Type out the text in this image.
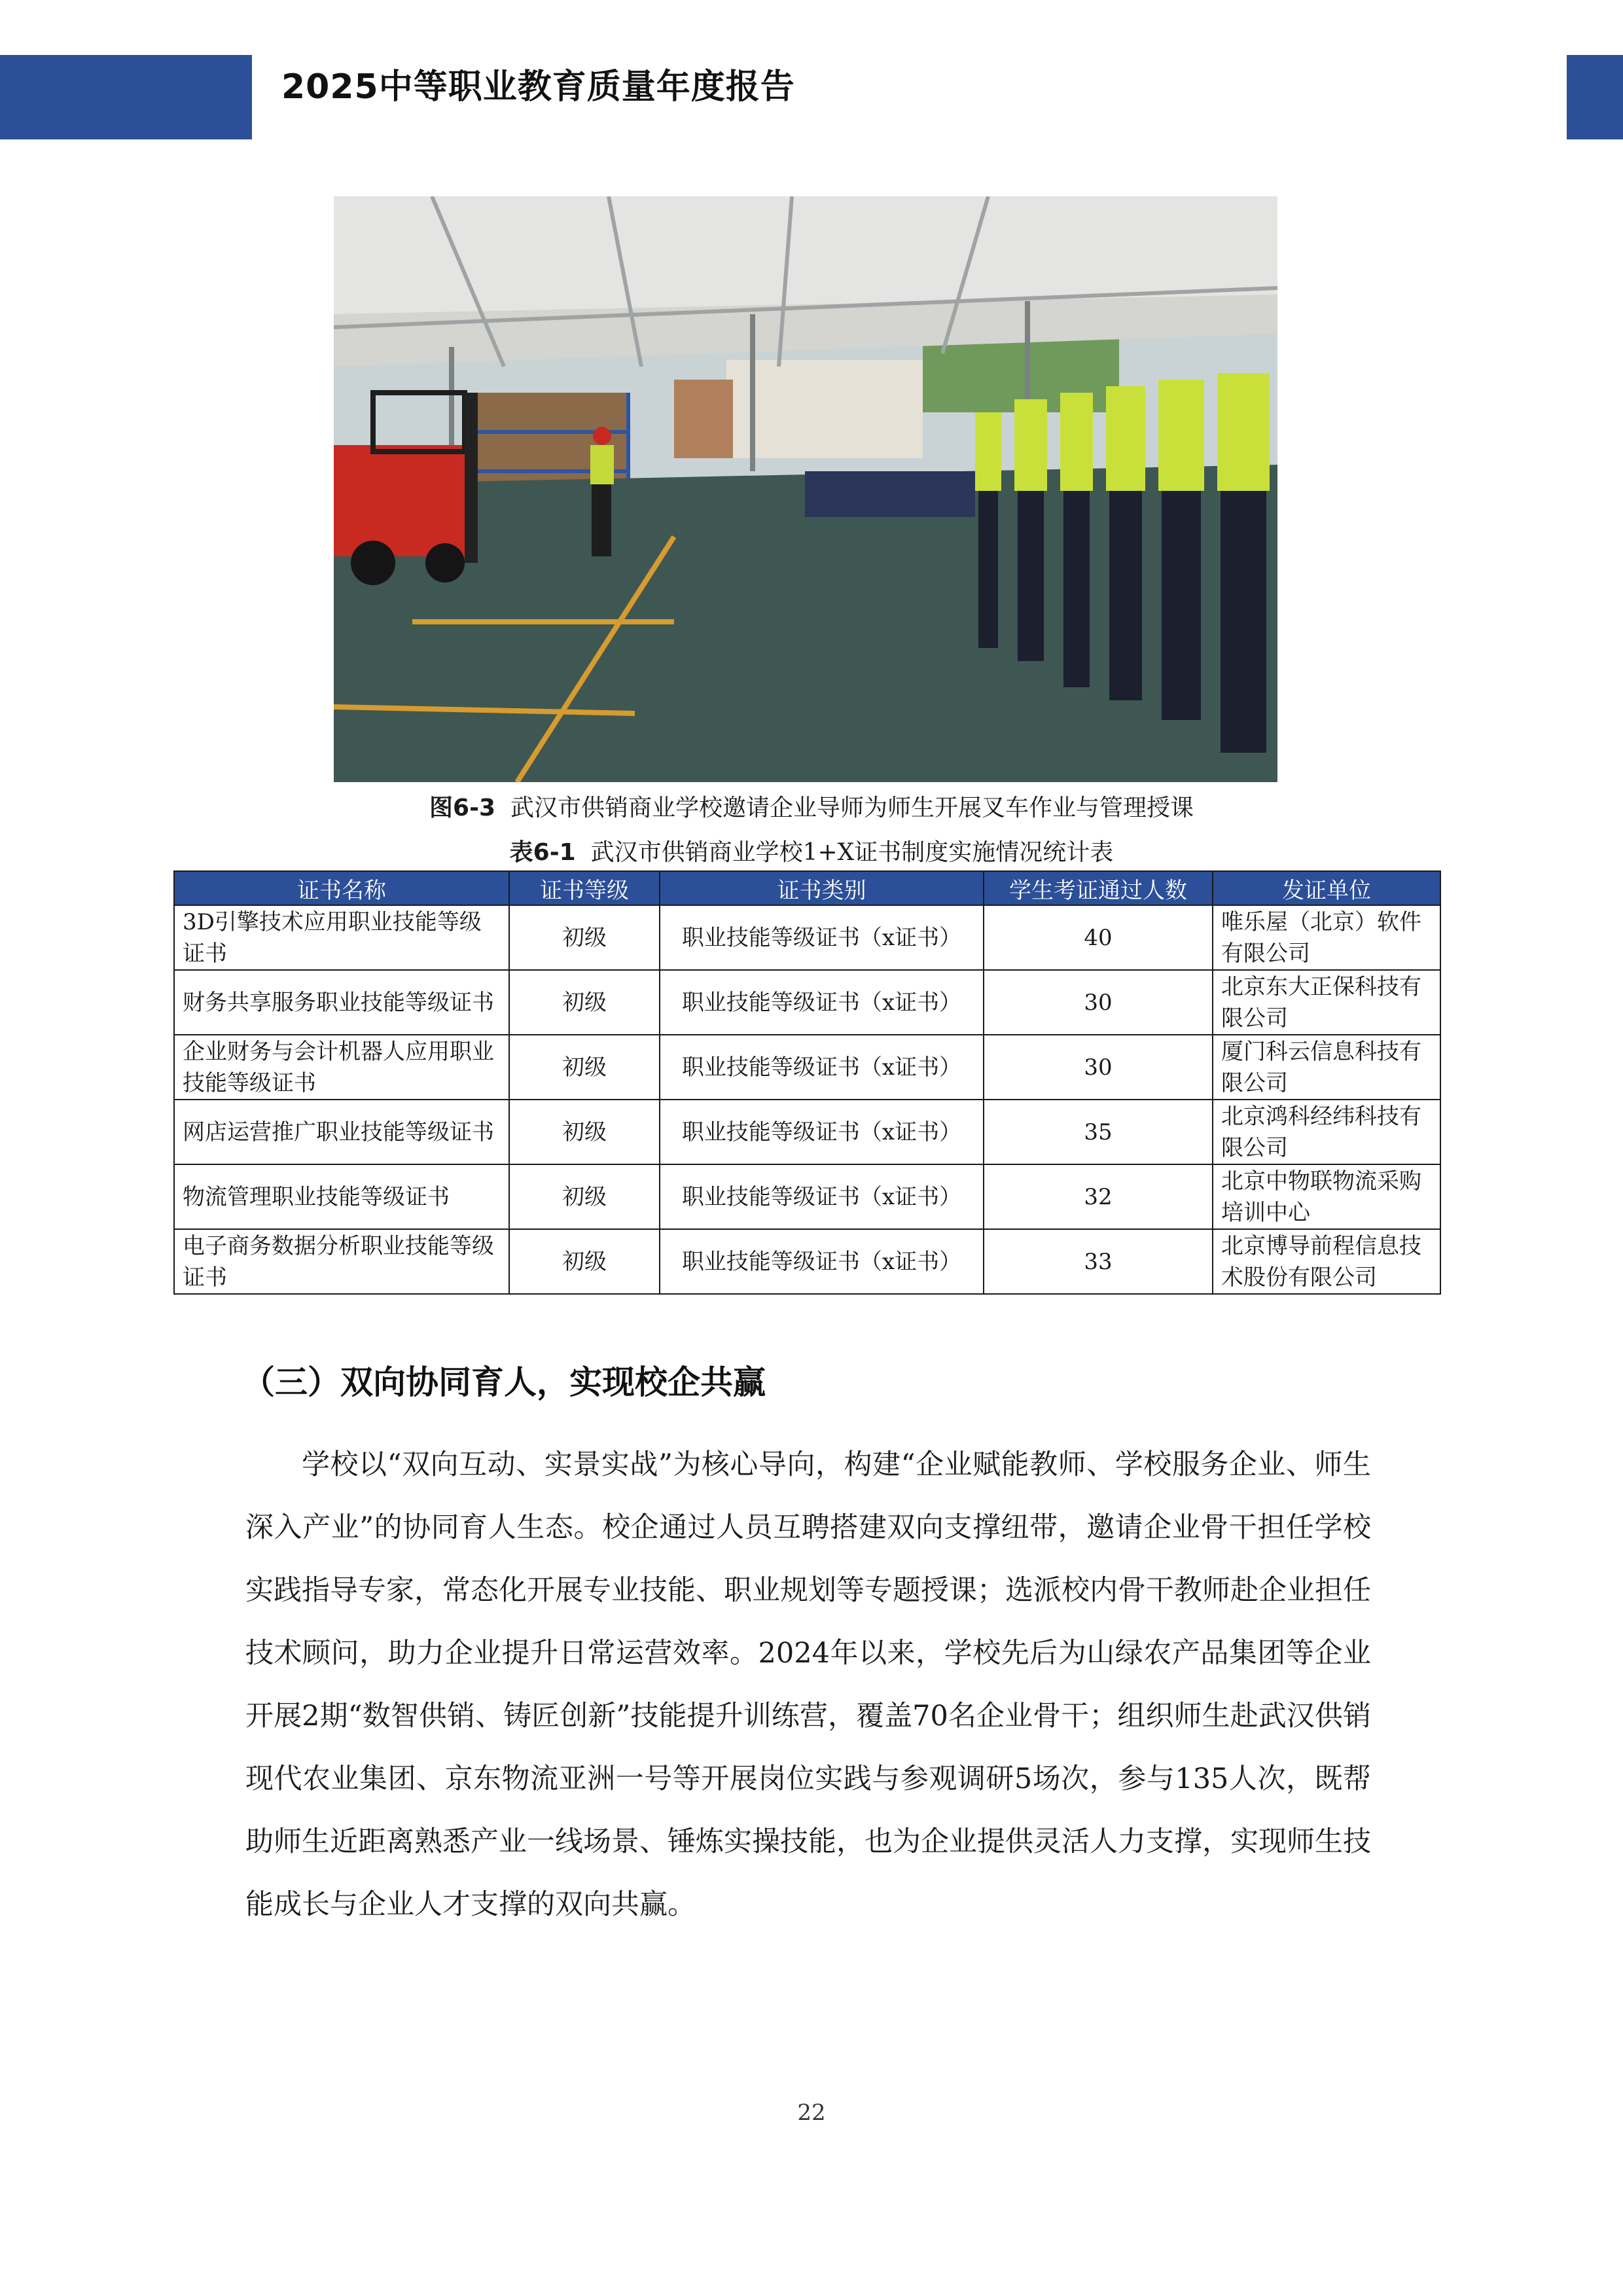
2025中等职业教育质量年度报告
图6-3 武汉市供销商业学校邀请企业导师为师生开展叉车作业与管理授课
表6-1 武汉市供销商业学校1+X证书制度实施情况统计表
证书名称	证书等级	证书类别	学生考证通过人数	发证单位
3D引擎技术应用职业技能等级证书	初级	职业技能等级证书（x证书）	40	唯乐屋（北京）软件有限公司
财务共享服务职业技能等级证书	初级	职业技能等级证书（x证书）	30	北京东大正保科技有限公司
企业财务与会计机器人应用职业技能等级证书	初级	职业技能等级证书（x证书）	30	厦门科云信息科技有限公司
网店运营推广职业技能等级证书	初级	职业技能等级证书（x证书）	35	北京鸿科经纬科技有限公司
物流管理职业技能等级证书	初级	职业技能等级证书（x证书）	32	北京中物联物流采购培训中心
电子商务数据分析职业技能等级证书	初级	职业技能等级证书（x证书）	33	北京博导前程信息技术股份有限公司
（三）双向协同育人，实现校企共赢
学校以“双向互动、实景实战”为核心导向，构建“企业赋能教师、学校服务企业、师生深入产业”的协同育人生态。校企通过人员互聘搭建双向支撑纽带，邀请企业骨干担任学校实践指导专家，常态化开展专业技能、职业规划等专题授课；选派校内骨干教师赴企业担任技术顾问，助力企业提升日常运营效率。2024年以来，学校先后为山绿农产品集团等企业开展2期“数智供销、铸匠创新”技能提升训练营，覆盖70名企业骨干；组织师生赴武汉供销现代农业集团、京东物流亚洲一号等开展岗位实践与参观调研5场次，参与135人次，既帮助师生近距离熟悉产业一线场景、锤炼实操技能，也为企业提供灵活人力支撑，实现师生技能成长与企业人才支撑的双向共赢。
22
